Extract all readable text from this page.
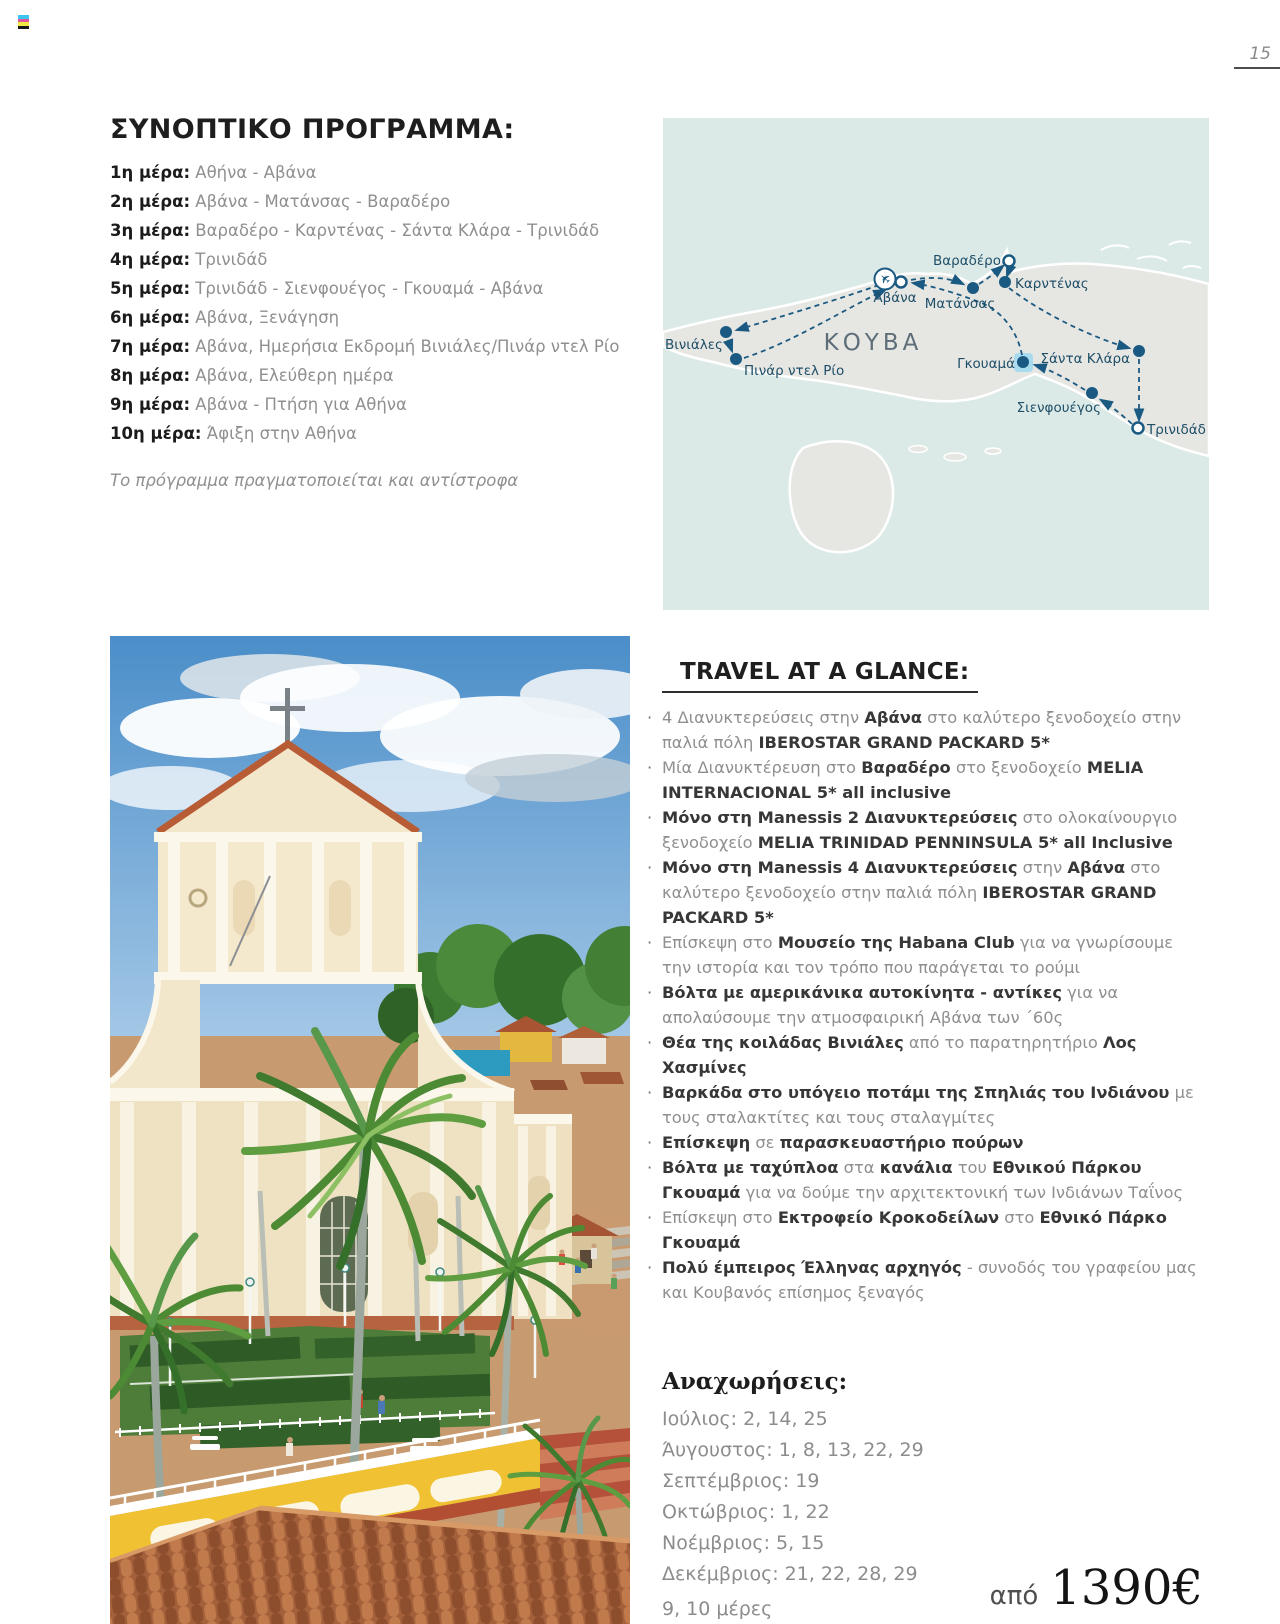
15
ΣΥΝΟΠΤΙΚΟ ΠΡΟΓΡΑΜΜΑ:
1η μέρα: Αθήνα - Αβάνα
2η μέρα: Αβάνα - Ματάνσας - Βαραδέρο
3η μέρα: Βαραδέρο - Καρντένας - Σάντα Κλάρα - Τρινιδάδ
4η μέρα: Τρινιδάδ
5η μέρα: Τρινιδάδ - Σιενφουέγος - Γκουαμά - Αβάνα
6η μέρα: Αβάνα, Ξενάγηση
7η μέρα: Αβάνα, Ημερήσια Εκδρομή Βινιάλες/Πινάρ ντελ Ρίο
8η μέρα: Αβάνα, Ελεύθερη ημέρα
9η μέρα: Αβάνα - Πτήση για Αθήνα
10η μέρα: Άφιξη στην Αθήνα
Το πρόγραμμα πραγματοποιείται και αντίστροφα
✈
Βαραδέρο
Καρντένας
Αβάνα Ματάνσας
Βινιάλες
Πινάρ ντελ Ρίο	Γκουαμά Σάντα Κλάρα
Σιενφουέγος
Τρινιδάδ
ΚΟΥΒΑ
TRAVEL AT A GLANCE:
· 4 Διανυκτερεύσεις στην Αβάνα στο καλύτερο ξενοδοχείο στην παλιά πόλη IBEROSTAR GRAND PACKARD 5*
· Μία Διανυκτέρευση στο Βαραδέρο στο ξενοδοχείο MELIA INTERNACIONAL 5* all inclusive
· Μόνο στη Manessis 2 Διανυκτερεύσεις στο ολοκαίνουργιο ξενοδοχείο MELIA TRINIDAD PENNINSULA 5* all Inclusive
· Μόνο στη Manessis 4 Διανυκτερεύσεις στην Αβάνα στο καλύτερο ξενοδοχείο στην παλιά πόλη IBEROSTAR GRAND PACKARD 5*
· Επίσκεψη στο Μουσείο της Habana Club για να γνωρίσουμε την ιστορία και τον τρόπο που παράγεται το ρούμι
· Βόλτα με αμερικάνικα αυτοκίνητα - αντίκες για να απολαύσουμε την ατμοσφαιρική Αβάνα των ΄60ς
· Θέα της κοιλάδας Βινιάλες από το παρατηρητήριο Λος Χασμίνες
· Βαρκάδα στο υπόγειο ποτάμι της Σπηλιάς του Ινδιάνου με τους σταλακτίτες και τους σταλαγμίτες
· Επίσκεψη σε παρασκευαστήριο πούρων
· Βόλτα με ταχύπλοα στα κανάλια του Εθνικού Πάρκου Γκουαμά για να δούμε την αρχιτεκτονική των Ινδιάνων Ταΐνος
· Επίσκεψη στο Εκτροφείο Κροκοδείλων στο Εθνικό Πάρκο Γκουαμά
· Πολύ έμπειρος Έλληνας αρχηγός - συνοδός του γραφείου μας και Κουβανός επίσημος ξεναγός
Αναχωρήσεις:
Ιούλιος: 2, 14, 25
Άυγουστος: 1, 8, 13, 22, 29
Σεπτέμβριος: 19
Οκτώβριος: 1, 22
Νοέμβριος: 5, 15
Δεκέμβριος: 21, 22, 28, 29
9, 10 μέρες	από 1390€
